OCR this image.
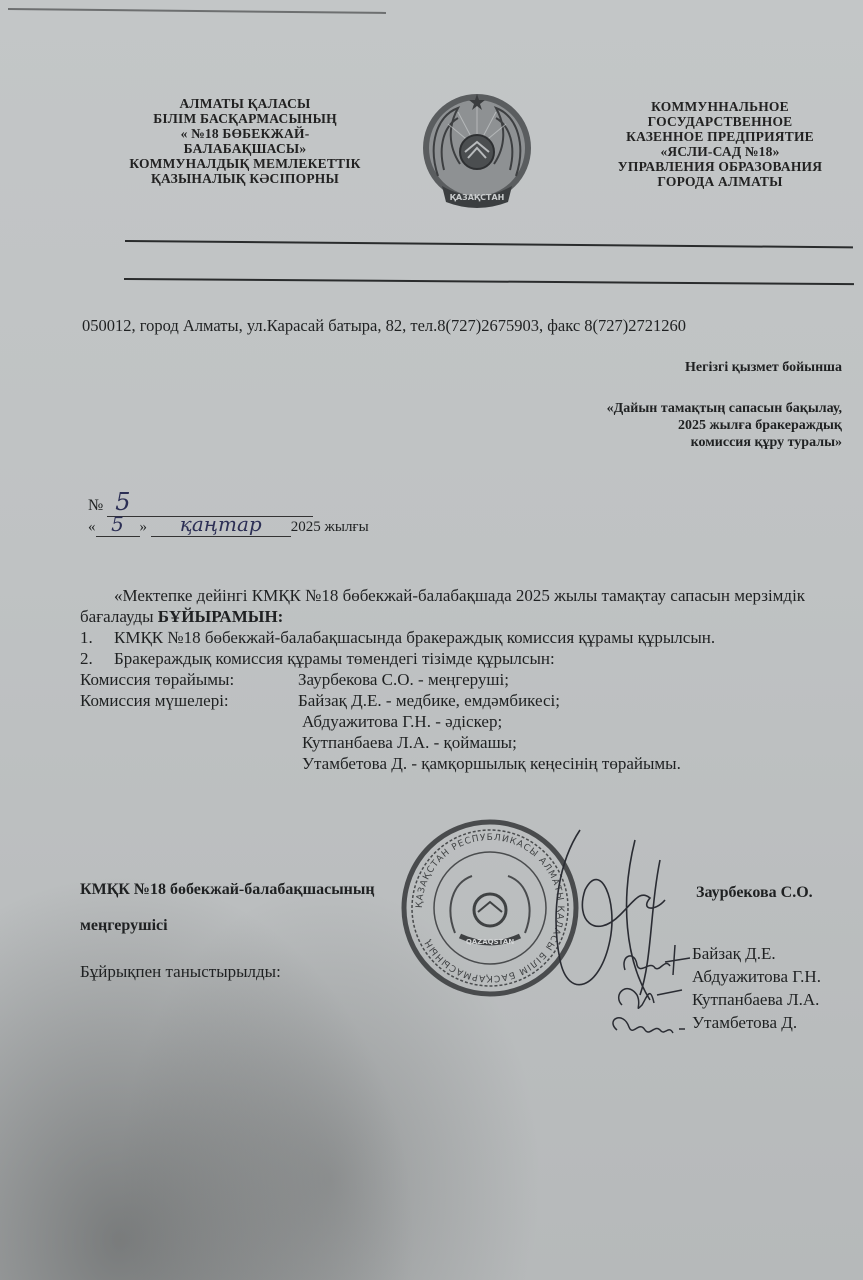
АЛМАТЫ ҚАЛАСЫ
БІЛІМ БАСҚАРМАСЫНЫҢ
« №18 БӨБЕКЖАЙ-
БАЛАБАҚШАСЫ»
КОММУНАЛДЫҚ МЕМЛЕКЕТТІК
ҚАЗЫНАЛЫҚ КӘСІПОРНЫ
ҚАЗАҚСТАН
КОММУННАЛЬНОЕ
ГОСУДАРСТВЕННОЕ
КАЗЕННОЕ ПРЕДПРИЯТИЕ
«ЯСЛИ-САД №18»
УПРАВЛЕНИЯ ОБРАЗОВАНИЯ
ГОРОДА АЛМАТЫ
050012, город Алматы, ул.Карасай батыра, 82, тел.8(727)2675903, факс 8(727)2721260
Негізгі қызмет бойынша
«Дайын тамақтың сапасын бақылау,
2025 жылға бракераждық
комиссия құру туралы»
№ 5
« 5 » қаңтар 2025 жылғы

«Мектепке дейінгі КМҚК №18 бөбекжай-балабақшада 2025 жылы тамақтау сапасын мерзімдік бағалауды БҰЙЫРАМЫН:

1. КМҚК №18 бөбекжай-балабақшасында бракераждық комиссия құрамы құрылсын.

2. Бракераждық комиссия құрамы төмендегі тізімде құрылсын:

Комиссия төрайымы:	Заурбекова С.О. - меңгеруші;
Комиссия мүшелері:	Байзақ Д.Е. - медбике, емдәмбикесі;
Абдуажитова Г.Н. - әдіскер;
Кутпанбаева Л.А. - қоймашы;
Утамбетова Д. - қамқоршылық кеңесінің төрайымы.
КМҚК №18 бөбекжай-балабақшасының
меңгерушісі
Заурбекова С.О.
ҚАЗАҚСТАН РЕСПУБЛИКАСЫ АЛМАТЫ ҚАЛАСЫ БІЛІМ БАСҚАРМАСЫНЫҢ	QAZAQSTAN
Бұйрықпен таныстырылды:
Байзақ Д.Е.
Абдуажитова Г.Н.
Кутпанбаева Л.А.
Утамбетова Д.
